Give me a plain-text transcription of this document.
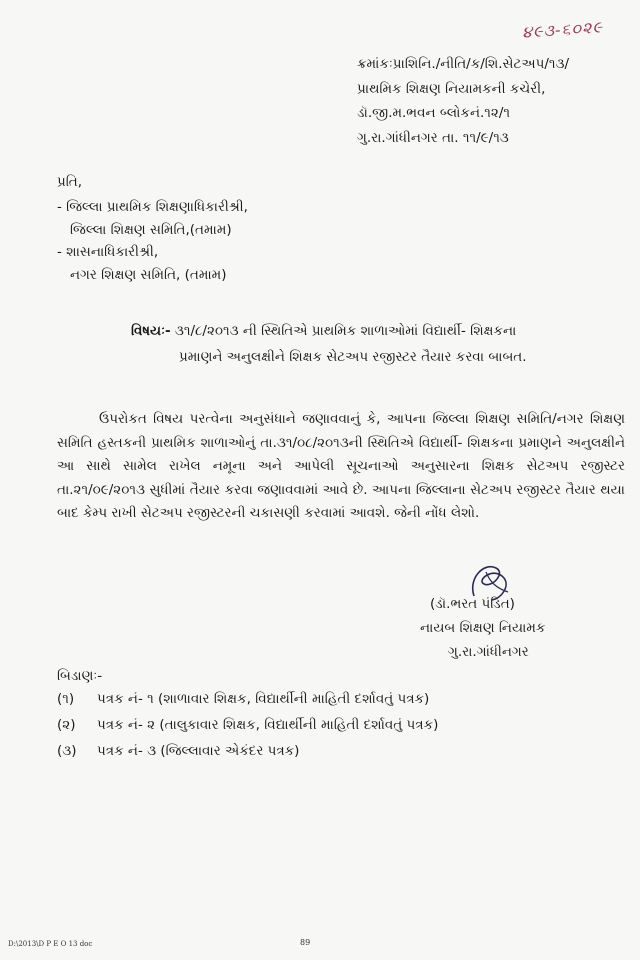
૪૯૩-૬૦૨૯
ક્રમાંકઃપ્રાશિનિ./નીતિ/ક/શિ.સેટઅપ/૧૩/
પ્રાથમિક શિક્ષણ નિયામકની કચેરી,
ડૉ.જી.મ.ભવન બ્લોકનં.૧૨/૧
ગુ.રા.ગાંધીનગર તા. ૧૧/૯/૧૩
પ્રતિ,
- જિલ્લા પ્રાથમિક શિક્ષણાધિકારીશ્રી,
જિલ્લા શિક્ષણ સમિતિ,(તમામ)
- શાસનાધિકારીશ્રી,
નગર શિક્ષણ સમિતિ, (તમામ)
વિષયઃ- ૩૧/૮/૨૦૧૩ ની સ્થિતિએ પ્રાથમિક શાળાઓમાં વિદ્યાર્થી- શિક્ષકના
પ્રમાણને અનુલક્ષીને શિક્ષક સેટઅપ રજીસ્ટર તૈયાર કરવા બાબત.
ઉપરોકત વિષય પરત્વેના અનુસંધાને જણાવવાનું કે, આપના જિલ્લા શિક્ષણ સમિતિ/નગર શિક્ષણ સમિતિ હસ્તકની પ્રાથમિક શાળાઓનું તા.૩૧/૦૮/૨૦૧૩ની સ્થિતિએ વિદ્યાર્થી- શિક્ષકના પ્રમાણને અનુલક્ષીને આ સાથે સામેલ રાખેલ નમૂના અને આપેલી સૂચનાઓ અનુસારના શિક્ષક સેટઅપ રજીસ્ટર તા.૨૧/૦૯/૨૦૧૩ સુધીમાં તૈયાર કરવા જણાવવામાં આવે છે. આપના જિલ્લાના સેટઅપ રજીસ્ટર તૈયાર થયા બાદ કેમ્પ રાખી સેટઅપ રજીસ્ટરની ચકાસણી કરવામાં આવશે. જેની નોંધ લેશો.
(ડૉ.ભરત પંડિત)
નાયબ શિક્ષણ નિયામક
ગુ.રા.ગાંધીનગર
બિડાણઃ-
(૧) પત્રક નં- ૧ (શાળાવાર શિક્ષક, વિદ્યાર્થીની માહિતી દર્શાવતું પત્રક)
(૨) પત્રક નં- ૨ (તાલુકાવાર શિક્ષક, વિદ્યાર્થીની માહિતી દર્શાવતું પત્રક)
(૩) પત્રક નં- ૩ (જિલ્લાવાર એકંદર પત્રક)
D:\2013\D P E O 13 doc	89
